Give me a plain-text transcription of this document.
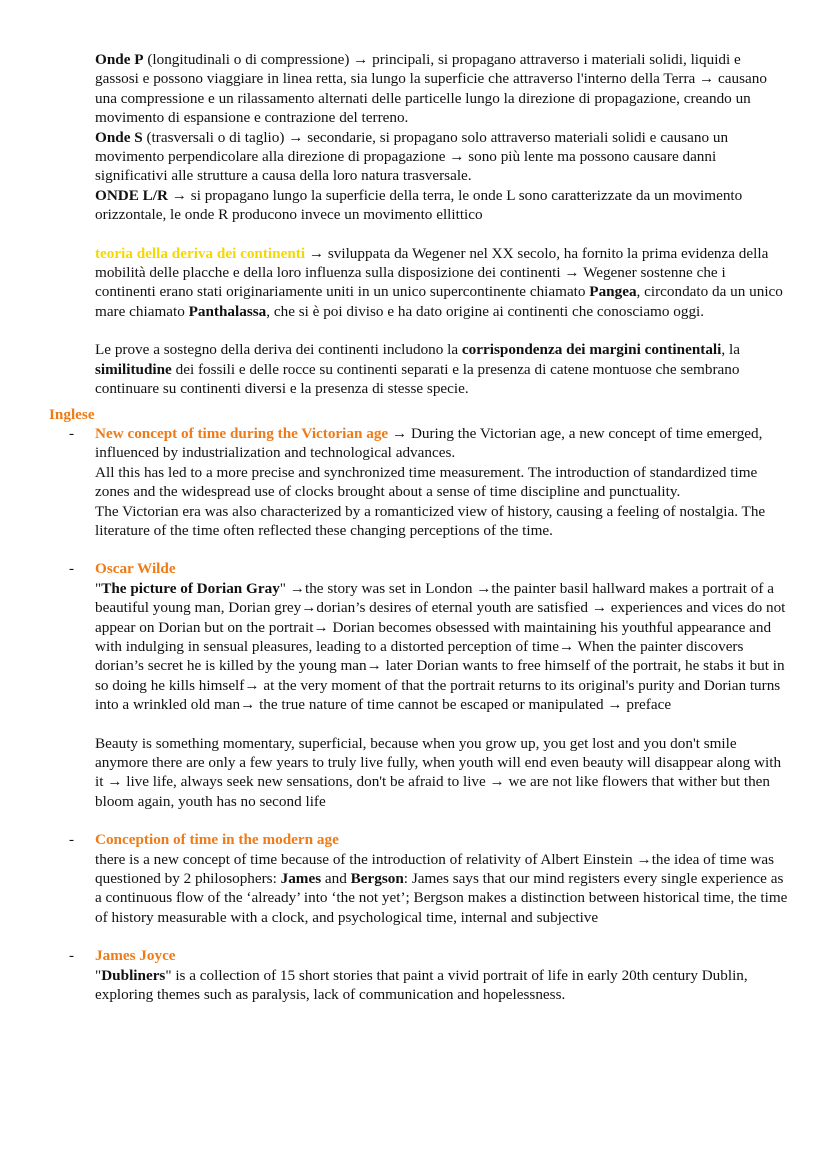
Onde P (longitudinali o di compressione) → principali, si propagano attraverso i materiali solidi, liquidi e gassosi e possono viaggiare in linea retta, sia lungo la superficie che attraverso l'interno della Terra → causano una compressione e un rilassamento alternati delle particelle lungo la direzione di propagazione, creando un movimento di espansione e contrazione del terreno.

Onde S (trasversali o di taglio) → secondarie, si propagano solo attraverso materiali solidi e causano un movimento perpendicolare alla direzione di propagazione → sono più lente ma possono causare danni significativi alle strutture a causa della loro natura trasversale.

ONDE L/R → si propagano lungo la superficie della terra, le onde L sono caratterizzate da un movimento orizzontale, le onde R producono invece un movimento ellittico

teoria della deriva dei continenti → sviluppata da Wegener nel XX secolo, ha fornito la prima evidenza della mobilità delle placche e della loro influenza sulla disposizione dei continenti → Wegener sostenne che i continenti erano stati originariamente uniti in un unico supercontinente chiamato Pangea, circondato da un unico mare chiamato Panthalassa, che si è poi diviso e ha dato origine ai continenti che conosciamo oggi.

Le prove a sostegno della deriva dei continenti includono la corrispondenza dei margini continentali, la similitudine dei fossili e delle rocce su continenti separati e la presenza di catene montuose che sembrano continuare su continenti diversi e la presenza di stesse specie.

Inglese

- New concept of time during the Victorian age → During the Victorian age, a new concept of time emerged, influenced by industrialization and technological advances.

All this has led to a more precise and synchronized time measurement. The introduction of standardized time zones and the widespread use of clocks brought about a sense of time discipline and punctuality.

The Victorian era was also characterized by a romanticized view of history, causing a feeling of nostalgia. The literature of the time often reflected these changing perceptions of the time.

- Oscar Wilde

"The picture of Dorian Gray" →the story was set in London →the painter basil hallward makes a portrait of a beautiful young man, Dorian grey→dorian’s desires of eternal youth are satisfied → experiences and vices do not appear on Dorian but on the portrait→ Dorian becomes obsessed with maintaining his youthful appearance and with indulging in sensual pleasures, leading to a distorted perception of time→ When the painter discovers dorian’s secret he is killed by the young man→ later Dorian wants to free himself of the portrait, he stabs it but in so doing he kills himself→ at the very moment of that the portrait returns to its original's purity and Dorian turns into a wrinkled old man→ the true nature of time cannot be escaped or manipulated → preface

Beauty is something momentary, superficial, because when you grow up, you get lost and you don't smile anymore there are only a few years to truly live fully, when youth will end even beauty will disappear along with it → live life, always seek new sensations, don't be afraid to live → we are not like flowers that wither but then bloom again, youth has no second life

- Conception of time in the modern age

there is a new concept of time because of the introduction of relativity of Albert Einstein →the idea of time was questioned by 2 philosophers: James and Bergson: James says that our mind registers every single experience as a continuous flow of the ‘already’ into ‘the not yet’; Bergson makes a distinction between historical time, the time of history measurable with a clock, and psychological time, internal and subjective

- James Joyce

"Dubliners" is a collection of 15 short stories that paint a vivid portrait of life in early 20th century Dublin, exploring themes such as paralysis, lack of communication and hopelessness.
